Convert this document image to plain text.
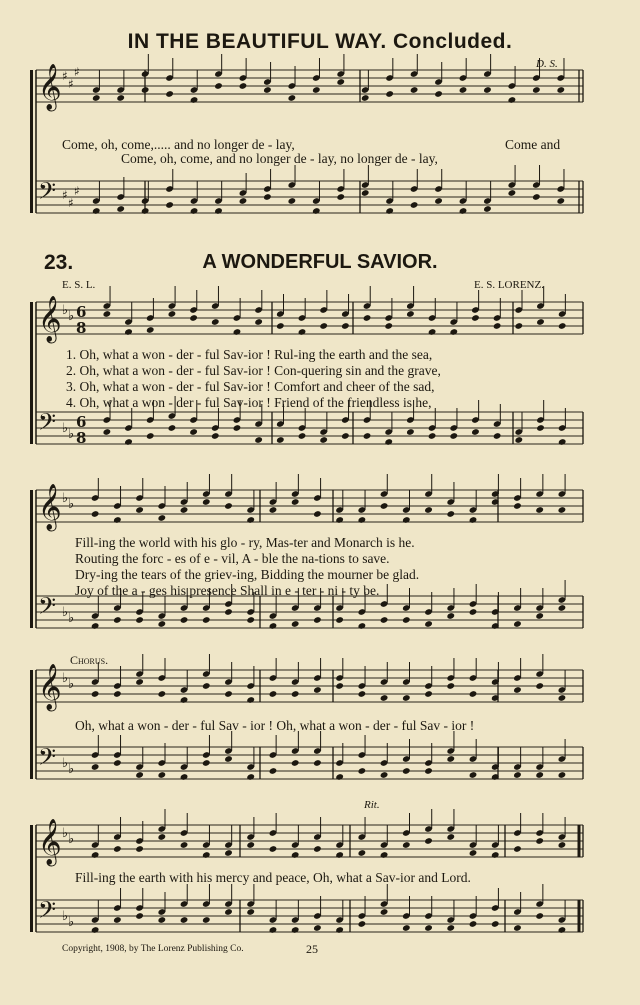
IN THE BEAUTIFUL WAY. Concluded.
D. S.
𝄞
𝄢
♯
♯
♯
♯
♯
♯
𝄞
𝄢
♭ ♭
♭ ♭
6
6
8
8
𝄞
𝄢
♭ ♭
♭ ♭
𝄞
𝄢
♭ ♭
♭ ♭
𝄞
𝄢
♭ ♭
♭ ♭
Come, oh, come,..... and no longer de - lay,	Come and
Come, oh, come, and no longer de - lay, no longer de - lay,
23.	A WONDERFUL SAVIOR.
E. S. L.	E. S. LORENZ.
1. Oh, what a won - der - ful Sav-ior ! Rul-ing the earth and the sea,
2. Oh, what a won - der - ful Sav-ior ! Con-quering sin and the grave,
3. Oh, what a won - der - ful Sav-ior ! Comfort and cheer of the sad,
4. Oh, what a won - der - ful Sav-ior ! Friend of the friendless is he,
Fill-ing the world with his glo - ry, Mas-ter and Monarch is he.
Routing the forc - es of e - vil, A - ble the na-tions to save.
Dry-ing the tears of the griev-ing, Bidding the mourner be glad.
Joy of the a - ges his presence Shall in e - ter - ni - ty be.
Chorus.
Oh, what a won - der - ful Sav - ior ! Oh, what a won - der - ful Sav - ior !
Rit.
Fill-ing the earth with his mercy and peace, Oh, what a Sav-ior and Lord.
Copyright, 1908, by The Lorenz Publishing Co.	25
